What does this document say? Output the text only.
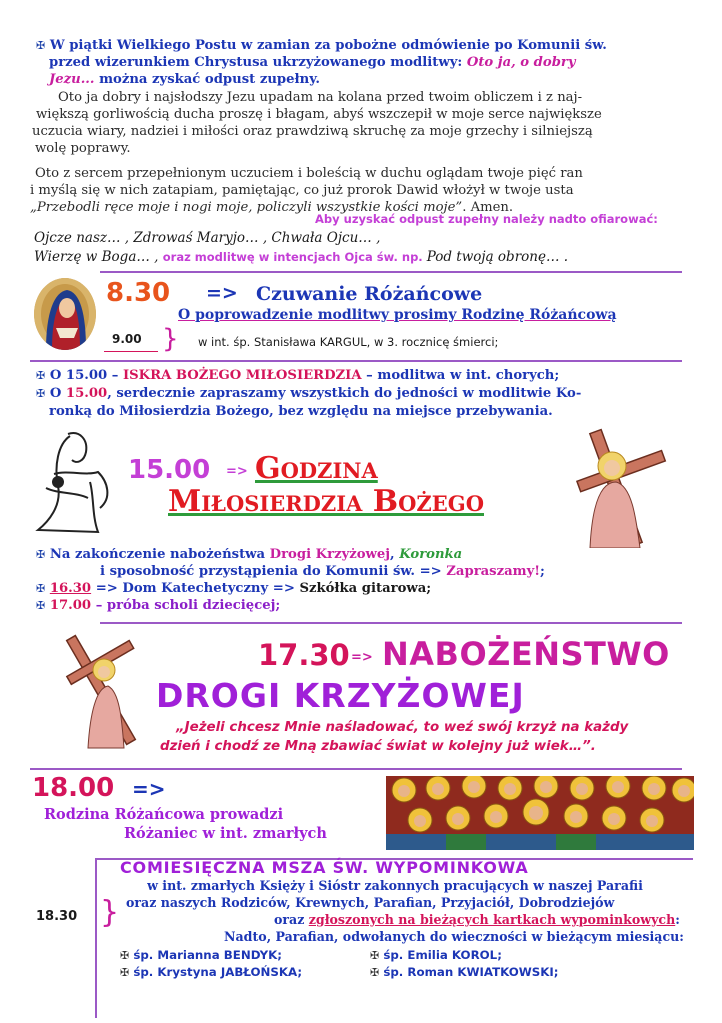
✠ W piątki Wielkiego Postu w zamian za pobożne odmówienie po Komunii św.
przed wizerunkiem Chrystusa ukrzyżowanego modlitwy: Oto ja, o dobry
Jezu... można zyskać odpust zupełny.
Oto ja dobry i najsłodszy Jezu upadam na kolana przed twoim obliczem i z naj-
większą gorliwością ducha proszę i błagam, abyś wszczepił w moje serce największe
uczucia wiary, nadziei i miłości oraz prawdziwą skruchę za moje grzechy i silniejszą
wolę poprawy.
Oto z sercem przepełnionym uczuciem i boleścią w duchu oglądam twoje pięć ran
i myślą się w nich zatapiam, pamiętając, co już prorok Dawid włożył w twoje usta
„Przebodli ręce moje i nogi moje, policzyli wszystkie kości moje”. Amen.
Aby uzyskać odpust zupełny należy nadto ofiarować:
Ojcze nasz… , Zdrowaś Maryjo… , Chwała Ojcu… ,
Wierzę w Boga… , oraz modlitwę w intencjach Ojca św. np. Pod twoją obronę… .
8.30 => Czuwanie Różańcowe
O poprowadzenie modlitwy prosimy Rodzinę Różańcową
9.00 } w int. śp. Stanisława KARGUL, w 3. rocznicę śmierci;
✠ O 15.00 – ISKRA BOŻEGO MIŁOSIERDZIA – modlitwa w int. chorych;
✠ O 15.00, serdecznie zapraszamy wszystkich do jedności w modlitwie Ko-
ronką do Miłosierdzia Bożego, bez względu na miejsce przebywania.
15.00 => Godzina
Miłosierdzia Bożego
✠ Na zakończenie nabożeństwa Drogi Krzyżowej, Koronka
i sposobność przystąpienia do Komunii św. => Zapraszamy!;
✠ 16.30 => Dom Katechetyczny => Szkółka gitarowa;
✠ 17.00 – próba scholi dziecięcej;
17.30 => NABOŻEŃSTWO
DROGI KRZYŻOWEJ
„Jeżeli chcesz Mnie naśladować, to weź swój krzyż na każdy
dzień i chodź ze Mną zbawiać świat w kolejny już wiek…”.
18.00 =>
Rodzina Różańcowa prowadzi
Różaniec w int. zmarłych
18.30 }
COMIESIĘCZNA MSZA ŚW. WYPOMINKOWA
w int. zmarłych Księży i Sióstr zakonnych pracujących w naszej Parafii
oraz naszych Rodziców, Krewnych, Parafian, Przyjaciół, Dobrodziejów
oraz zgłoszonych na bieżących kartkach wypominkowych:
Nadto, Parafian, odwołanych do wieczności w bieżącym miesiącu:
✠ śp. Marianna BENDYK;	✠ śp. Emilia KOROL;
✠ śp. Krystyna JABŁOŃSKA;	✠ śp. Roman KWIATKOWSKI;
